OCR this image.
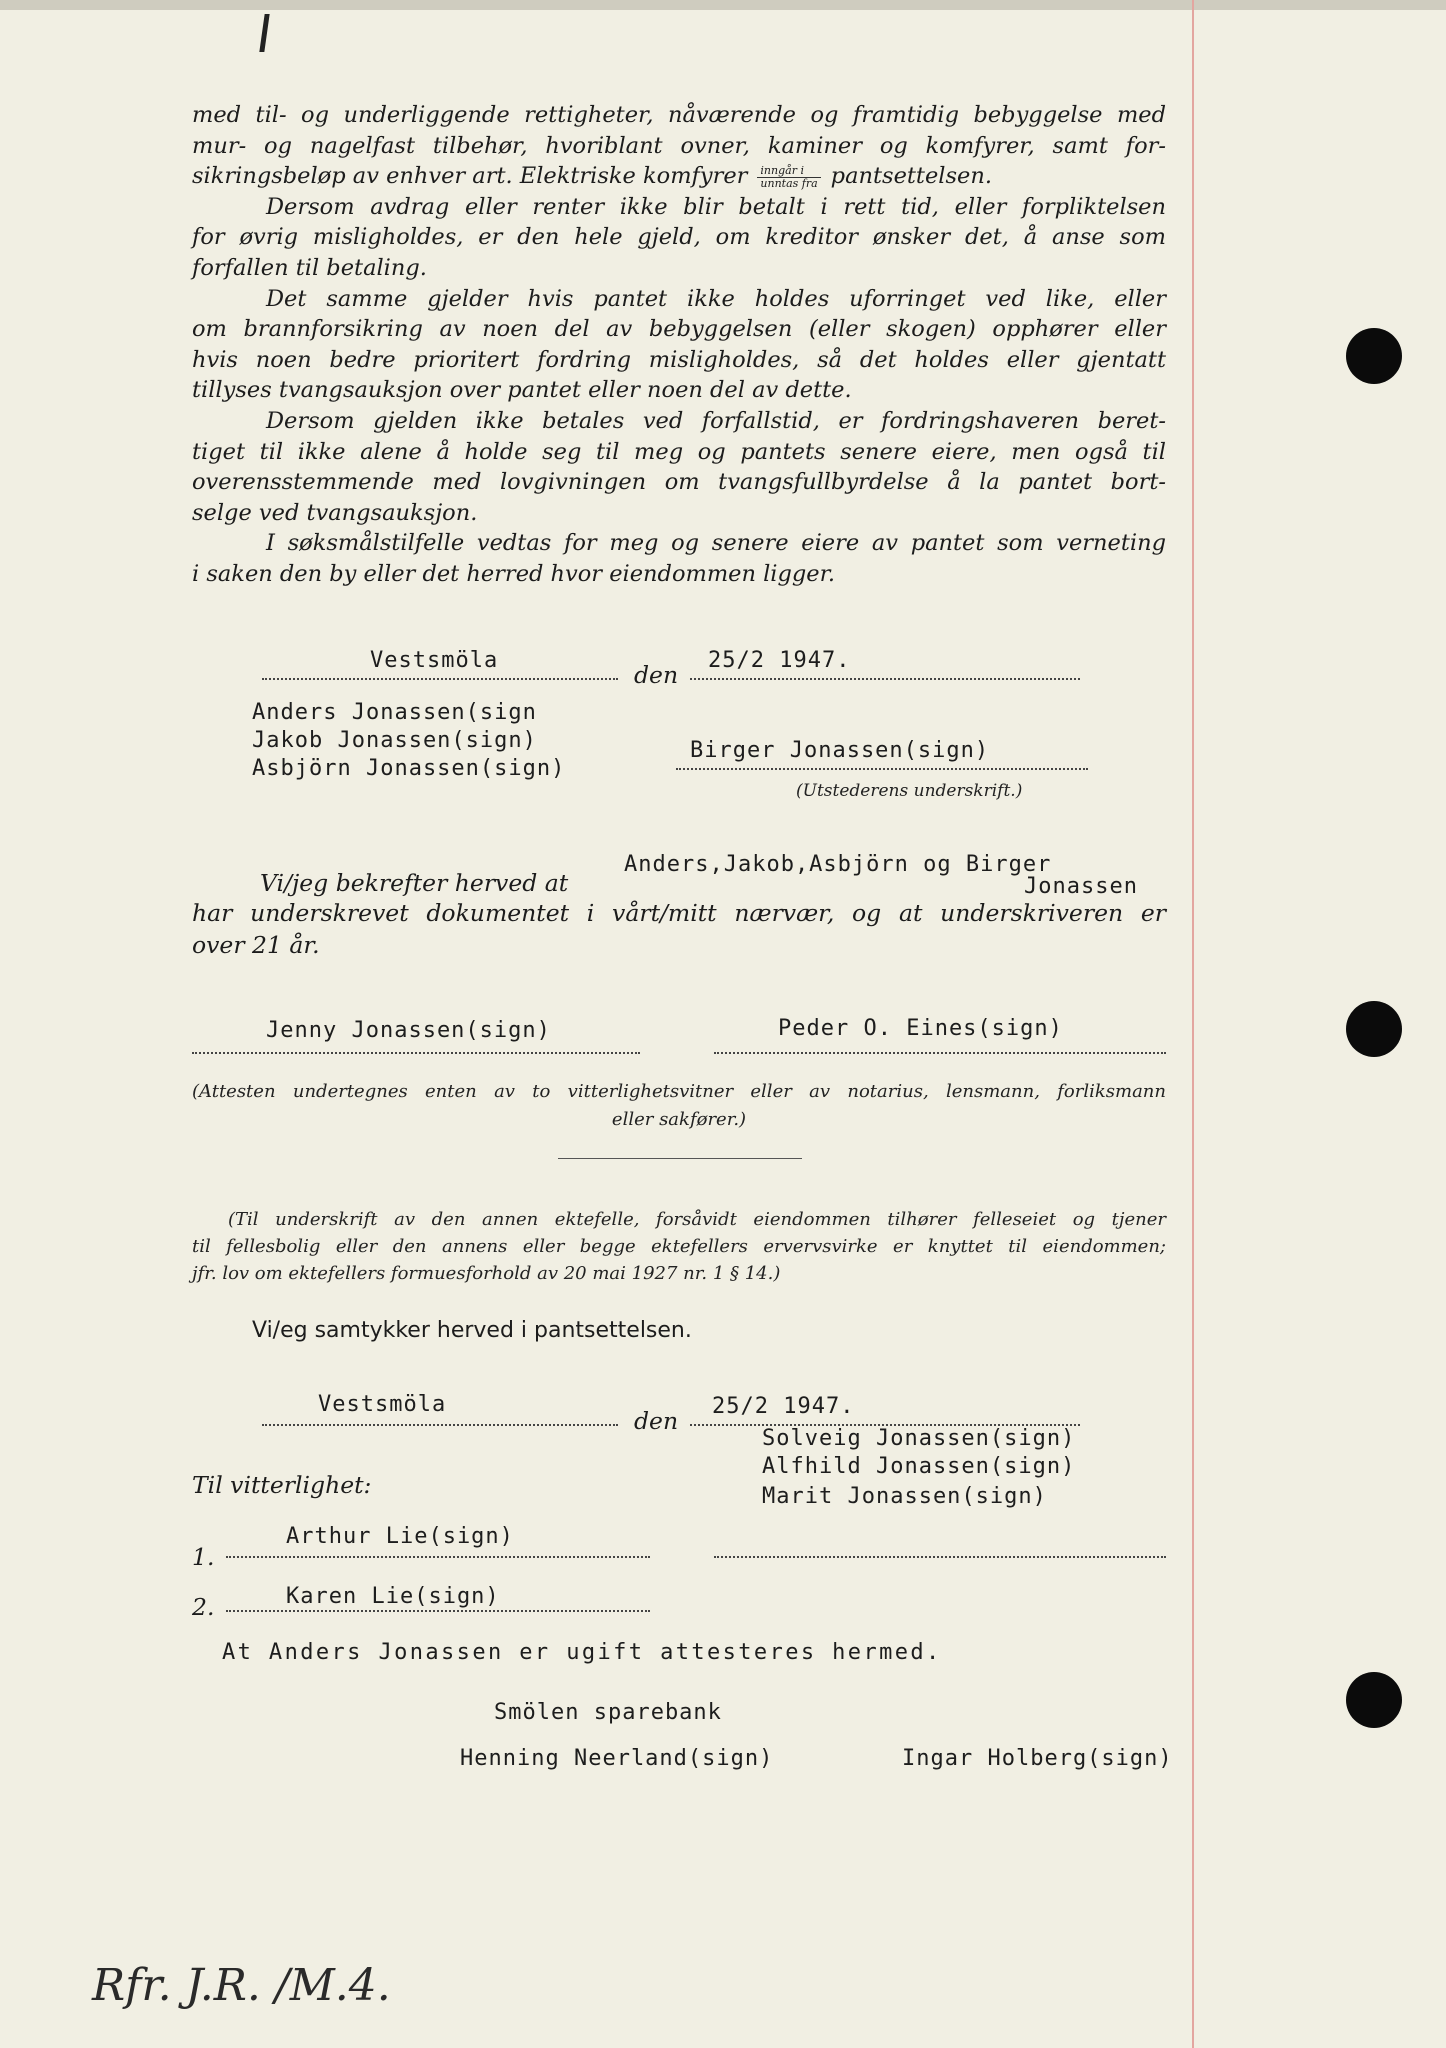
med til- og underliggende rettigheter, nåværende og framtidig bebyggelse med

mur- og nagelfast tilbehør, hvoriblant ovner, kaminer og komfyrer, samt for-

sikringsbeløp av enhver art. Elektriske komfyrer $\frac{\text{inngår i}}{\text{unntas fra}}$ pantsettelsen.

Dersom avdrag eller renter ikke blir betalt i rett tid, eller forpliktelsen

for øvrig misligholdes, er den hele gjeld, om kreditor ønsker det, å anse som

forfallen til betaling.

Det samme gjelder hvis pantet ikke holdes uforringet ved like, eller

om brannforsikring av noen del av bebyggelsen (eller skogen) opphører eller

hvis noen bedre prioritert fordring misligholdes, så det holdes eller gjentatt

tillyses tvangsauksjon over pantet eller noen del av dette.

Dersom gjelden ikke betales ved forfallstid, er fordringshaveren beret-

tiget til ikke alene å holde seg til meg og pantets senere eiere, men også til

overensstemmende med lovgivningen om tvangsfullbyrdelse å la pantet bort-

selge ved tvangsauksjon.

I søksmålstilfelle vedtas for meg og senere eiere av pantet som verneting

i saken den by eller det herred hvor eiendommen ligger.

Vestsmöla
den
25/2 1947.
Anders Jonassen(sign
Jakob Jonassen(sign)
Asbjörn Jonassen(sign)
Birger Jonassen(sign)
(Utstederens underskrift.)
Vi/jeg bekrefter herved at
Anders,Jakob,Asbjörn og Birger
Jonassen
har underskrevet dokumentet i vårt/mitt nærvær, og at underskriveren er
over 21 år.
Jenny Jonassen(sign)	Peder O. Eines(sign)
(Attesten undertegnes enten av to vitterlighetsvitner eller av notarius, lensmann, forliksmann
eller sakfører.)
(Til underskrift av den annen ektefelle, forsåvidt eiendommen tilhører felleseiet og tjener
til fellesbolig eller den annens eller begge ektefellers ervervsvirke er knyttet til eiendommen;
jfr. lov om ektefellers formuesforhold av 20 mai 1927 nr. 1 § 14.)
Vi/eg samtykker herved i pantsettelsen.
Vestsmöla
den
25/2 1947.
Solveig Jonassen(sign)
Alfhild Jonassen(sign)
Marit Jonassen(sign)
Til vitterlighet:
1.
Arthur Lie(sign)
2.	Karen Lie(sign)
At Anders Jonassen er ugift attesteres hermed.
Smölen sparebank
Henning Neerland(sign)	Ingar Holberg(sign)
Rfr. J.R. /M.4.
